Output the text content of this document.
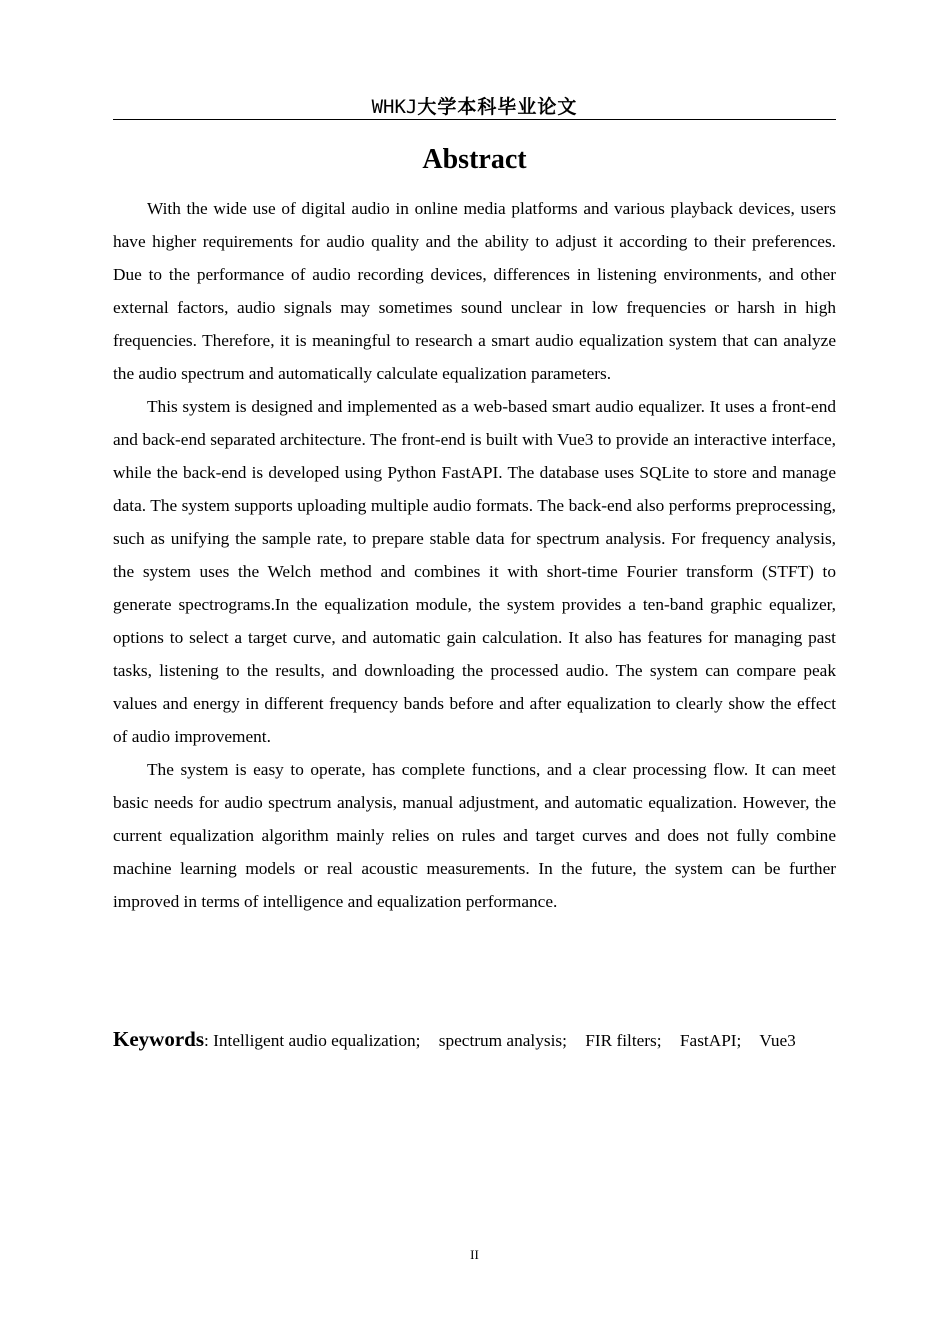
WHKJ大学本科毕业论文
Abstract

With the wide use of digital audio in online media platforms and various playback devices, users have higher requirements for audio quality and the ability to adjust it according to their preferences. Due to the performance of audio recording devices, differences in listening environments, and other external factors, audio signals may sometimes sound unclear in low frequencies or harsh in high frequencies. Therefore, it is meaningful to research a smart audio equalization system that can analyze the audio spectrum and automatically calculate equalization parameters.

This system is designed and implemented as a web-based smart audio equalizer. It uses a front-end and back-end separated architecture. The front-end is built with Vue3 to provide an interactive interface, while the back-end is developed using Python FastAPI. The database uses SQLite to store and manage data. The system supports uploading multiple audio formats. The back-end also performs preprocessing, such as unifying the sample rate, to prepare stable data for spectrum analysis. For frequency analysis, the system uses the Welch method and combines it with short-time Fourier transform (STFT) to generate spectrograms.In the equalization module, the system provides a ten-band graphic equalizer, options to select a target curve, and automatic gain calculation. It also has features for managing past tasks, listening to the results, and downloading the processed audio. The system can compare peak values and energy in different frequency bands before and after equalization to clearly show the effect of audio improvement.

The system is easy to operate, has complete functions, and a clear processing flow. It can meet basic needs for audio spectrum analysis, manual adjustment, and automatic equalization. However, the current equalization algorithm mainly relies on rules and target curves and does not fully combine machine learning models or real acoustic measurements. In the future, the system can be further improved in terms of intelligence and equalization performance.

Keywords: Intelligent audio equalization; spectrum analysis; FIR filters; FastAPI; Vue3
II
